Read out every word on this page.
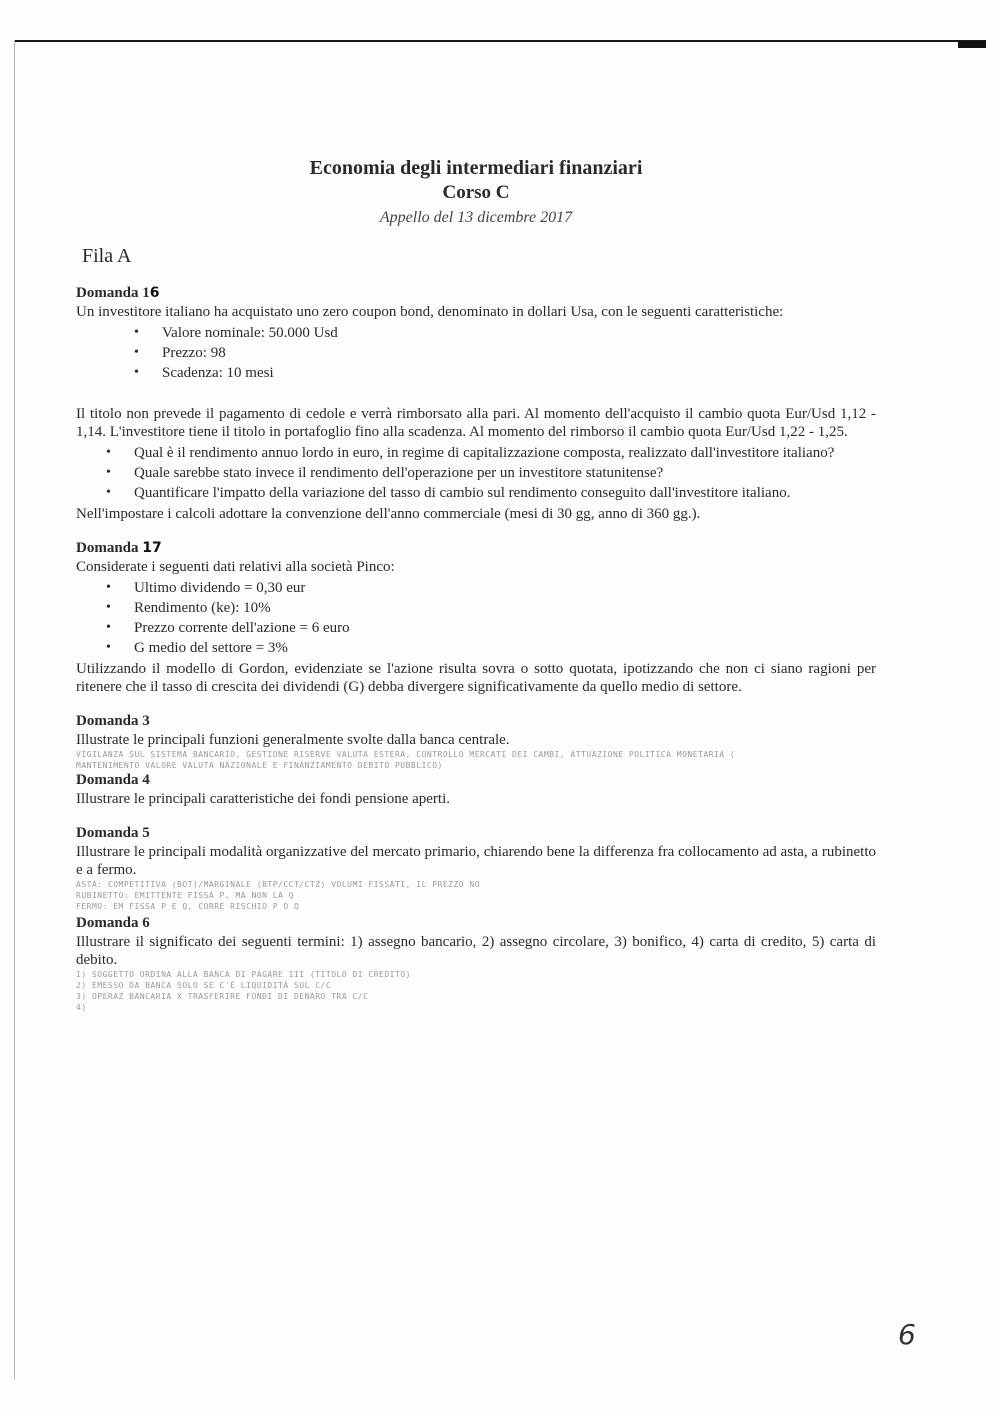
Economia degli intermediari finanziari

Corso C

Appello del 13 dicembre 2017

Fila A

Domanda 16

Un investitore italiano ha acquistato uno zero coupon bond, denominato in dollari Usa, con le seguenti caratteristiche:

• Valore nominale: 50.000 Usd
• Prezzo: 98
• Scadenza: 10 mesi

Il titolo non prevede il pagamento di cedole e verrà rimborsato alla pari. Al momento dell'acquisto il cambio quota Eur/Usd 1,12 - 1,14. L'investitore tiene il titolo in portafoglio fino alla scadenza. Al momento del rimborso il cambio quota Eur/Usd 1,22 - 1,25.

• Qual è il rendimento annuo lordo in euro, in regime di capitalizzazione composta, realizzato dall'investitore italiano?
• Quale sarebbe stato invece il rendimento dell'operazione per un investitore statunitense?
• Quantificare l'impatto della variazione del tasso di cambio sul rendimento conseguito dall'investitore italiano.

Nell'impostare i calcoli adottare la convenzione dell'anno commerciale (mesi di 30 gg, anno di 360 gg.).

Domanda 17

Considerate i seguenti dati relativi alla società Pinco:

• Ultimo dividendo = 0,30 eur
• Rendimento (ke): 10%
• Prezzo corrente dell'azione = 6 euro
• G medio del settore = 3%

Utilizzando il modello di Gordon, evidenziate se l'azione risulta sovra o sotto quotata, ipotizzando che non ci siano ragioni per ritenere che il tasso di crescita dei dividendi (G) debba divergere significativamente da quello medio di settore.

Domanda 3

Illustrate le principali funzioni generalmente svolte dalla banca centrale.

VIGILANZA SUL SISTEMA BANCARIO, GESTIONE RISERVE VALUTA ESTERA, CONTROLLO MERCATI DEI CAMBI, ATTUAZIONE POLITICA MONETARIA (

MANTENIMENTO VALORE VALUTA NAZIONALE E FINANZIAMENTO DEBITO PUBBLICO)

Domanda 4

Illustrare le principali caratteristiche dei fondi pensione aperti.

Domanda 5

Illustrare le principali modalità organizzative del mercato primario, chiarendo bene la differenza fra collocamento ad asta, a rubinetto e a fermo.

ASTA: COMPETITIVA (BOT)/MARGINALE (BTP/CCT/CTZ) VOLUMI FISSATI, IL PREZZO NO

RUBINETTO: EMITTENTE FISSA P, MA NON LA Q

FERMO: EM FISSA P E Q, CORRE RISCHIO P O Q

Domanda 6

Illustrare il significato dei seguenti termini: 1) assegno bancario, 2) assegno circolare, 3) bonifico, 4) carta di credito, 5) carta di debito.

1) SOGGETTO ORDINA ALLA BANCA DI PAGARE III (TITOLO DI CREDITO)

2) EMESSO DA BANCA SOLO SE C'È LIQUIDITÀ SUL C/C

3) OPERAZ BANCARIA X TRASFERIRE FONDI DI DENARO TRA C/C

4)

6
